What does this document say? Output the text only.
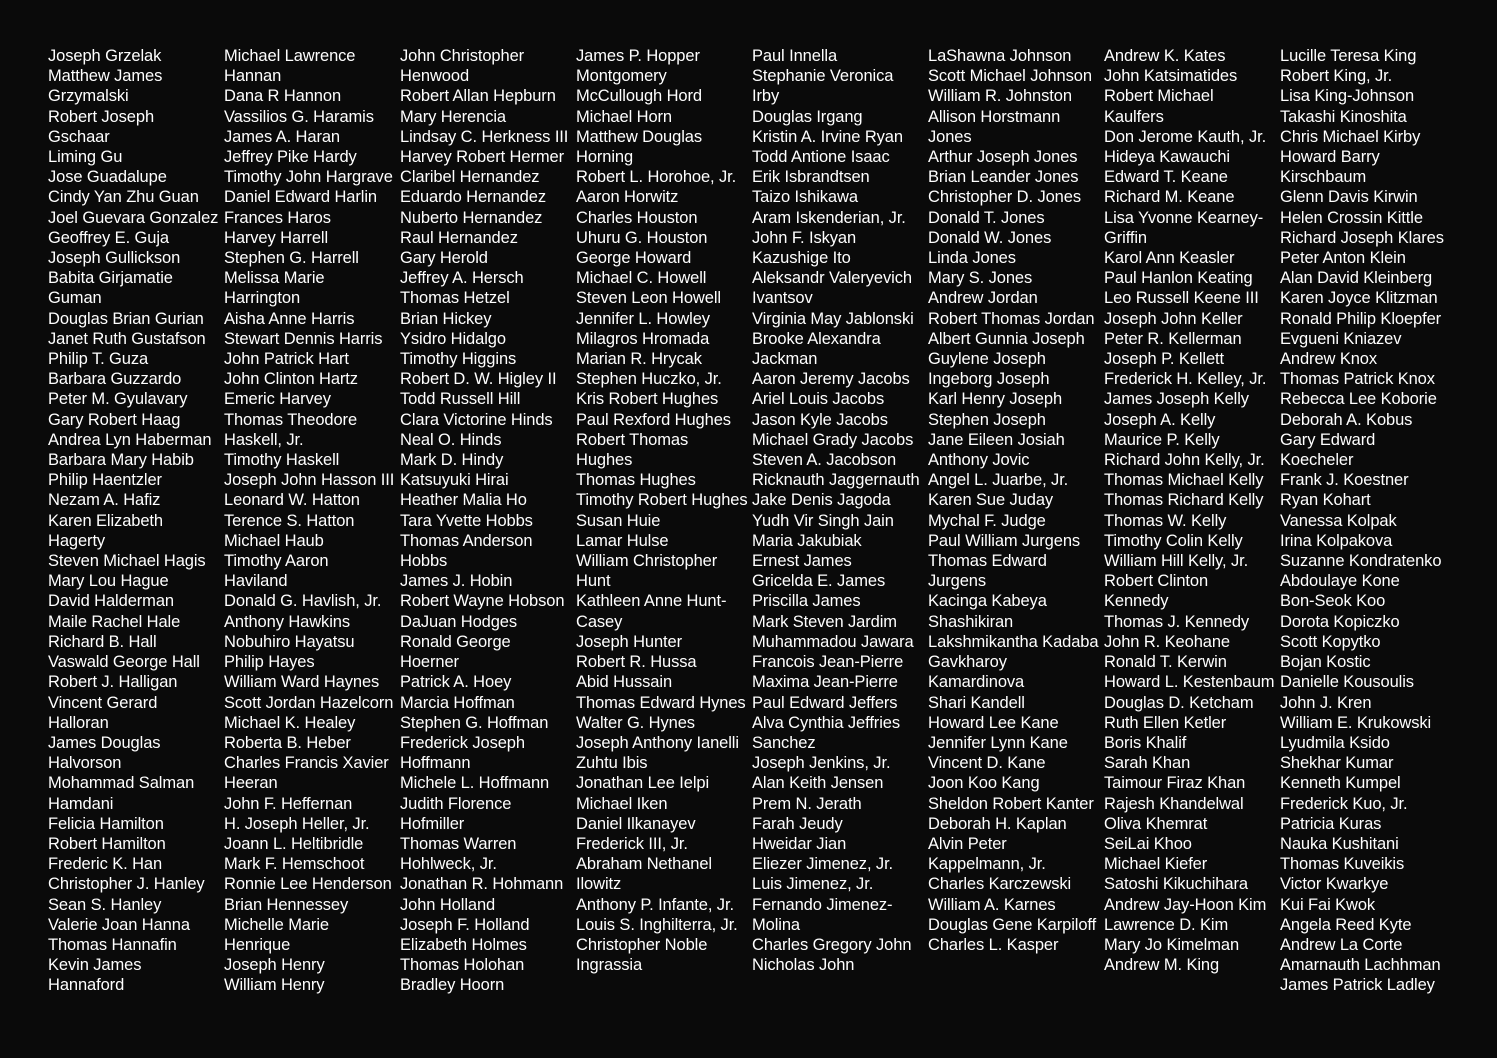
Joseph Grzelak
Matthew James Grzymalski
Robert Joseph Gschaar
Liming Gu
Jose Guadalupe
Cindy Yan Zhu Guan
Joel Guevara Gonzalez
Geoffrey E. Guja
Joseph Gullickson
Babita Girjamatie Guman
Douglas Brian Gurian
Janet Ruth Gustafson
Philip T. Guza
Barbara Guzzardo
Peter M. Gyulavary
Gary Robert Haag
Andrea Lyn Haberman
Barbara Mary Habib
Philip Haentzler
Nezam A. Hafiz
Karen Elizabeth Hagerty
Steven Michael Hagis
Mary Lou Hague
David Halderman
Maile Rachel Hale
Richard B. Hall
Vaswald George Hall
Robert J. Halligan
Vincent Gerard Halloran
James Douglas Halvorson
Mohammad Salman Hamdani
Felicia Hamilton
Robert Hamilton
Frederic K. Han
Christopher J. Hanley
Sean S. Hanley
Valerie Joan Hanna
Thomas Hannafin
Kevin James Hannaford
Michael Lawrence Hannan
Dana R Hannon
Vassilios G. Haramis
James A. Haran
Jeffrey Pike Hardy
Timothy John Hargrave
Daniel Edward Harlin
Frances Haros
Harvey Harrell
Stephen G. Harrell
Melissa Marie Harrington
Aisha Anne Harris
Stewart Dennis Harris
John Patrick Hart
John Clinton Hartz
Emeric Harvey
Thomas Theodore Haskell, Jr.
Timothy Haskell
Joseph John Hasson III
Leonard W. Hatton
Terence S. Hatton
Michael Haub
Timothy Aaron Haviland
Donald G. Havlish, Jr.
Anthony Hawkins
Nobuhiro Hayatsu
Philip Hayes
William Ward Haynes
Scott Jordan Hazelcorn
Michael K. Healey
Roberta B. Heber
Charles Francis Xavier Heeran
John F. Heffernan
H. Joseph Heller, Jr.
Joann L. Heltibridle
Mark F. Hemschoot
Ronnie Lee Henderson
Brian Hennessey
Michelle Marie Henrique
Joseph Henry
William Henry
John Christopher Henwood
Robert Allan Hepburn
Mary Herencia
Lindsay C. Herkness III
Harvey Robert Hermer
Claribel Hernandez
Eduardo Hernandez
Nuberto Hernandez
Raul Hernandez
Gary Herold
Jeffrey A. Hersch
Thomas Hetzel
Brian Hickey
Ysidro Hidalgo
Timothy Higgins
Robert D. W. Higley II
Todd Russell Hill
Clara Victorine Hinds
Neal O. Hinds
Mark D. Hindy
Katsuyuki Hirai
Heather Malia Ho
Tara Yvette Hobbs
Thomas Anderson Hobbs
James J. Hobin
Robert Wayne Hobson
DaJuan Hodges
Ronald George Hoerner
Patrick A. Hoey
Marcia Hoffman
Stephen G. Hoffman
Frederick Joseph Hoffmann
Michele L. Hoffmann
Judith Florence Hofmiller
Thomas Warren Hohlweck, Jr.
Jonathan R. Hohmann
John Holland
Joseph F. Holland
Elizabeth Holmes
Thomas Holohan
Bradley Hoorn
James P. Hopper
Montgomery McCullough Hord
Michael Horn
Matthew Douglas Horning
Robert L. Horohoe, Jr.
Aaron Horwitz
Charles Houston
Uhuru G. Houston
George Howard
Michael C. Howell
Steven Leon Howell
Jennifer L. Howley
Milagros Hromada
Marian R. Hrycak
Stephen Huczko, Jr.
Kris Robert Hughes
Paul Rexford Hughes
Robert Thomas Hughes
Thomas Hughes
Timothy Robert Hughes
Susan Huie
Lamar Hulse
William Christopher Hunt
Kathleen Anne Hunt-Casey
Joseph Hunter
Robert R. Hussa
Abid Hussain
Thomas Edward Hynes
Walter G. Hynes
Joseph Anthony Ianelli
Zuhtu Ibis
Jonathan Lee Ielpi
Michael Iken
Daniel Ilkanayev
Frederick III, Jr.
Abraham Nethanel Ilowitz
Anthony P. Infante, Jr.
Louis S. Inghilterra, Jr.
Christopher Noble Ingrassia
Paul Innella
Stephanie Veronica Irby
Douglas Irgang
Kristin A. Irvine Ryan
Todd Antione Isaac
Erik Isbrandtsen
Taizo Ishikawa
Aram Iskenderian, Jr.
John F. Iskyan
Kazushige Ito
Aleksandr Valeryevich Ivantsov
Virginia May Jablonski
Brooke Alexandra Jackman
Aaron Jeremy Jacobs
Ariel Louis Jacobs
Jason Kyle Jacobs
Michael Grady Jacobs
Steven A. Jacobson
Ricknauth Jaggernauth
Jake Denis Jagoda
Yudh Vir Singh Jain
Maria Jakubiak
Ernest James
Gricelda E. James
Priscilla James
Mark Steven Jardim
Muhammadou Jawara
Francois Jean-Pierre
Maxima Jean-Pierre
Paul Edward Jeffers
Alva Cynthia Jeffries Sanchez
Joseph Jenkins, Jr.
Alan Keith Jensen
Prem N. Jerath
Farah Jeudy
Hweidar Jian
Eliezer Jimenez, Jr.
Luis Jimenez, Jr.
Fernando Jimenez-Molina
Charles Gregory John
Nicholas John
LaShawna Johnson
Scott Michael Johnson
William R. Johnston
Allison Horstmann Jones
Arthur Joseph Jones
Brian Leander Jones
Christopher D. Jones
Donald T. Jones
Donald W. Jones
Linda Jones
Mary S. Jones
Andrew Jordan
Robert Thomas Jordan
Albert Gunnia Joseph
Guylene Joseph
Ingeborg Joseph
Karl Henry Joseph
Stephen Joseph
Jane Eileen Josiah
Anthony Jovic
Angel L. Juarbe, Jr.
Karen Sue Juday
Mychal F. Judge
Paul William Jurgens
Thomas Edward Jurgens
Kacinga Kabeya Shashikiran
Lakshmikantha Kadaba
Gavkharoy Kamardinova
Shari Kandell
Howard Lee Kane
Jennifer Lynn Kane
Vincent D. Kane
Joon Koo Kang
Sheldon Robert Kanter
Deborah H. Kaplan
Alvin Peter Kappelmann, Jr.
Charles Karczewski
William A. Karnes
Douglas Gene Karpiloff
Charles L. Kasper
Andrew K. Kates
John Katsimatides
Robert Michael Kaulfers
Don Jerome Kauth, Jr.
Hideya Kawauchi
Edward T. Keane
Richard M. Keane
Lisa Yvonne Kearney-Griffin
Karol Ann Keasler
Paul Hanlon Keating
Leo Russell Keene III
Joseph John Keller
Peter R. Kellerman
Joseph P. Kellett
Frederick H. Kelley, Jr.
James Joseph Kelly
Joseph A. Kelly
Maurice P. Kelly
Richard John Kelly, Jr.
Thomas Michael Kelly
Thomas Richard Kelly
Thomas W. Kelly
Timothy Colin Kelly
William Hill Kelly, Jr.
Robert Clinton Kennedy
Thomas J. Kennedy
John R. Keohane
Ronald T. Kerwin
Howard L. Kestenbaum
Douglas D. Ketcham
Ruth Ellen Ketler
Boris Khalif
Sarah Khan
Taimour Firaz Khan
Rajesh Khandelwal
Oliva Khemrat
SeiLai Khoo
Michael Kiefer
Satoshi Kikuchihara
Andrew Jay-Hoon Kim
Lawrence D. Kim
Mary Jo Kimelman
Andrew M. King
Lucille Teresa King
Robert King, Jr.
Lisa King-Johnson
Takashi Kinoshita
Chris Michael Kirby
Howard Barry Kirschbaum
Glenn Davis Kirwin
Helen Crossin Kittle
Richard Joseph Klares
Peter Anton Klein
Alan David Kleinberg
Karen Joyce Klitzman
Ronald Philip Kloepfer
Evgueni Kniazev
Andrew Knox
Thomas Patrick Knox
Rebecca Lee Koborie
Deborah A. Kobus
Gary Edward Koecheler
Frank J. Koestner
Ryan Kohart
Vanessa Kolpak
Irina Kolpakova
Suzanne Kondratenko
Abdoulaye Kone
Bon-Seok Koo
Dorota Kopiczko
Scott Kopytko
Bojan Kostic
Danielle Kousoulis
John J. Kren
William E. Krukowski
Lyudmila Ksido
Shekhar Kumar
Kenneth Kumpel
Frederick Kuo, Jr.
Patricia Kuras
Nauka Kushitani
Thomas Kuveikis
Victor Kwarkye
Kui Fai Kwok
Angela Reed Kyte
Andrew La Corte
Amarnauth Lachhman
James Patrick Ladley
